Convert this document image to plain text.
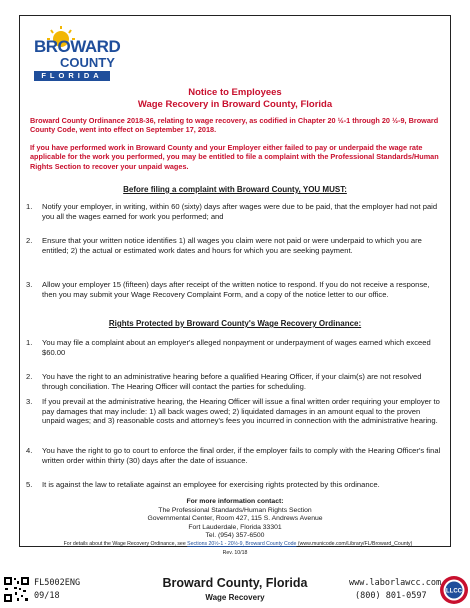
BROWARD
COUNTY
FLORIDA
Notice to Employees
Wage Recovery in Broward County, Florida
Broward County Ordinance 2018-36, relating to wage recovery, as codified in Chapter 20 ½-1 through 20 ½-9, Broward County Code, went into effect on September 17, 2018.
If you have performed work in Broward County and your Employer either failed to pay or underpaid the wage rate applicable for the work you performed, you may be entitled to file a complaint with the Professional Standards/Human Rights Section to recover your unpaid wages.
Before filing a complaint with Broward County, YOU MUST:
1. Notify your employer, in writing, within 60 (sixty) days after wages were due to be paid, that the employer had not paid you all the wages earned for work you performed; and
2. Ensure that your written notice identifies 1) all wages you claim were not paid or were underpaid to which you are entitled; 2) the actual or estimated work dates and hours for which you are seeking payment.
3. Allow your employer 15 (fifteen) days after receipt of the written notice to respond. If you do not receive a response, then you may submit your Wage Recovery Complaint Form, and a copy of the notice letter to our office.
Rights Protected by Broward County's Wage Recovery Ordinance:
1. You may file a complaint about an employer's alleged nonpayment or underpayment of wages earned which exceed $60.00
2. You have the right to an administrative hearing before a qualified Hearing Officer, if your claim(s) are not resolved through conciliation. The Hearing Officer will contact the parties for scheduling.
3. If you prevail at the administrative hearing, the Hearing Officer will issue a final written order requiring your employer to pay damages that may include: 1) all back wages owed; 2) liquidated damages in an amount equal to the proven unpaid wages; and 3) reasonable costs and attorney's fees you incurred in connection with the administrative hearing.
4. You have the right to go to court to enforce the final order, if the employer fails to comply with the Hearing Officer's final written order within thirty (30) days after the date of issuance.
5. It is against the law to retaliate against an employee for exercising rights protected by this ordinance.
For more information contact:
The Professional Standards/Human Rights Section
Governmental Center, Room 427, 115 S. Andrews Avenue
Fort Lauderdale, Florida 33301
Tel. (954) 357-6500
For details about the Wage Recovery Ordinance, see Sections 20½-1 - 20½-9, Broward County Code (www.municode.com/Library/FL/Broward_County)
Rev. 10/18
FL5002ENG
09/18
Broward County, Florida
Wage Recovery
www.laborlawcc.com
(800) 801-0597	LLCC
